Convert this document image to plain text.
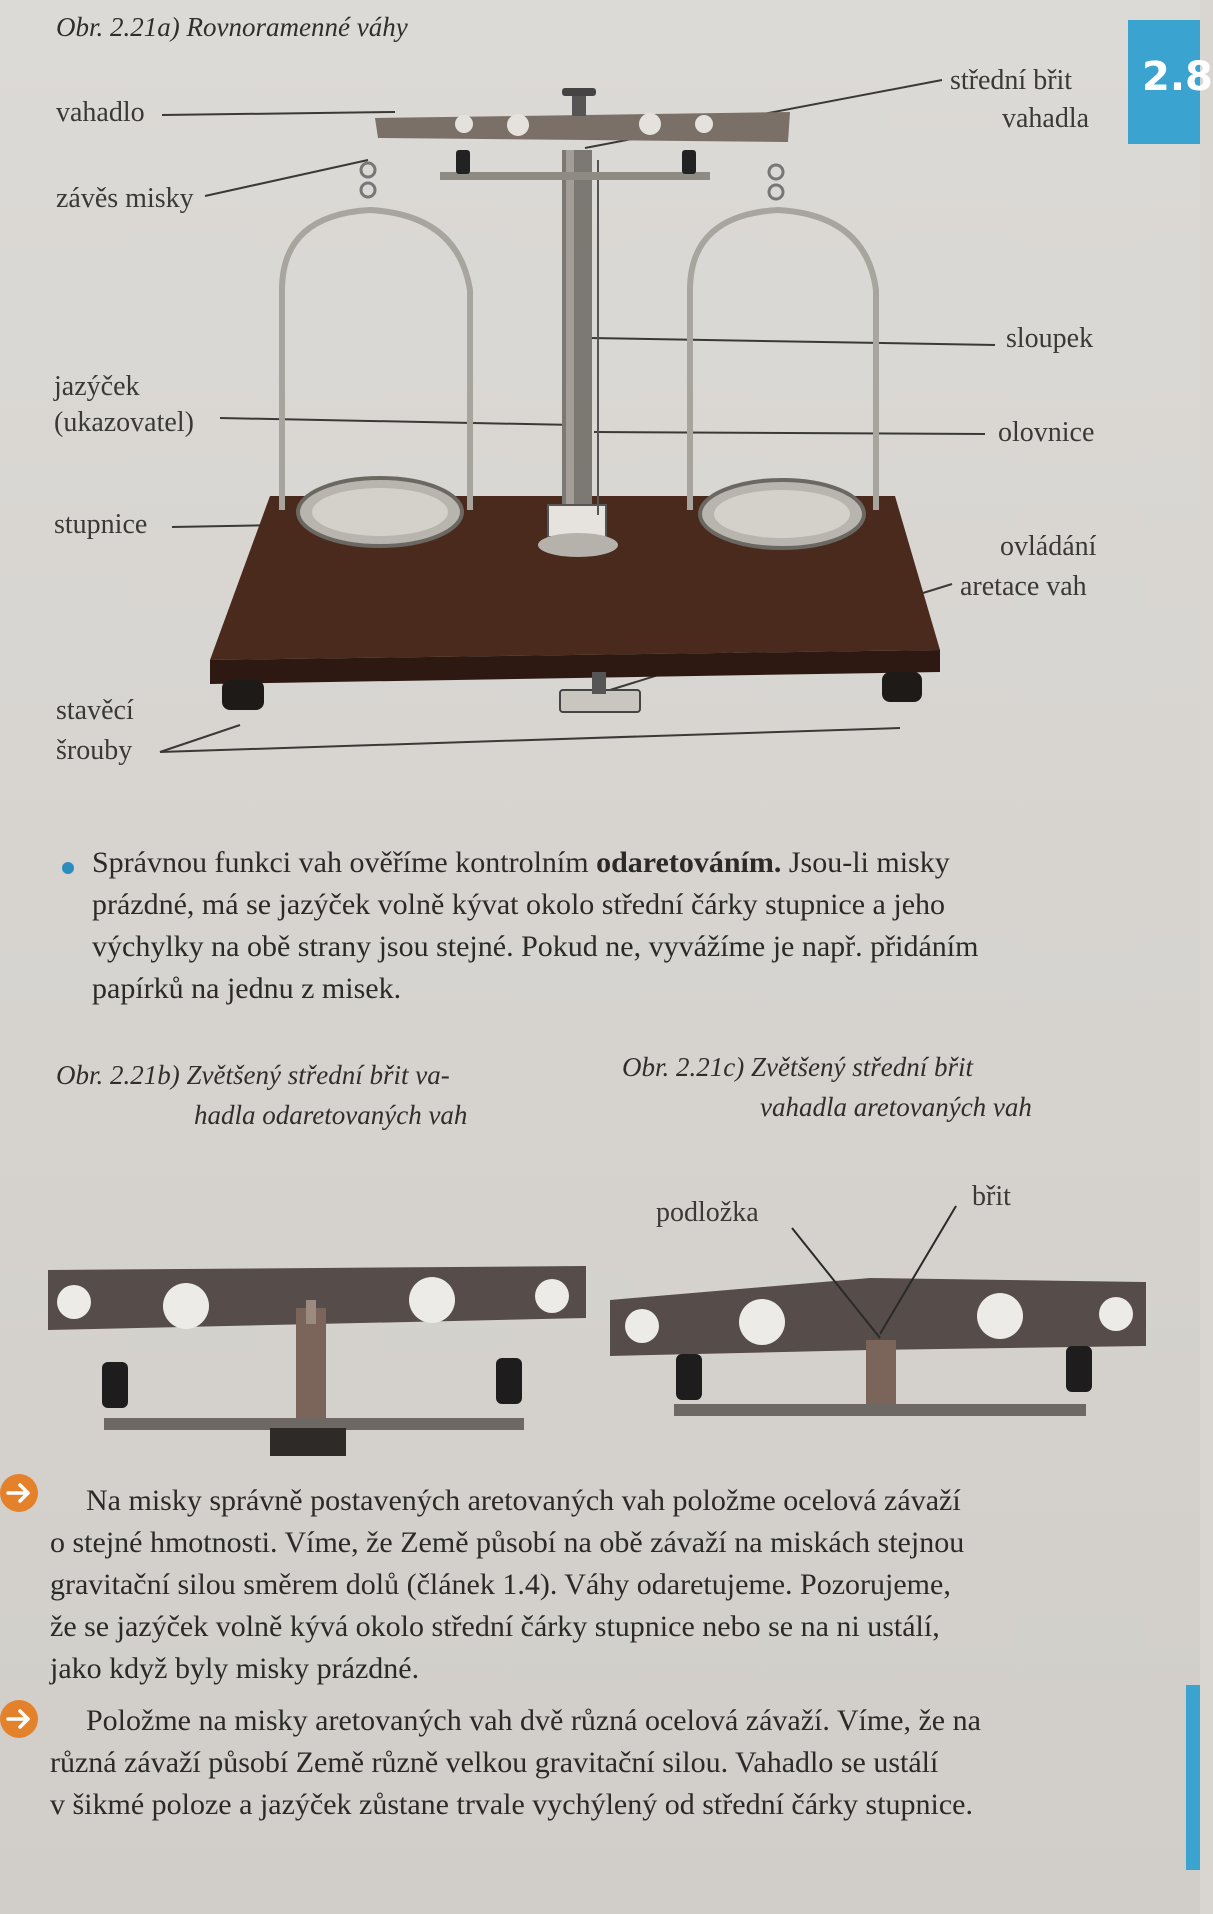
2.8

Obr. 2.21a) Rovnoramenné váhy

vahadlo
závěs misky
jazýček
(ukazovatel)
stupnice
stavěcí
šrouby
střední břit
vahadla
sloupek
olovnice
ovládání
aretace vah

Správnou funkci vah ověříme kontrolním odaretováním. Jsou-li misky

prázdné, má se jazýček volně kývat okolo střední čárky stupnice a jeho

výchylky na obě strany jsou stejné. Pokud ne, vyvážíme je např. přidáním

papírků na jednu z misek.

Obr. 2.21b) Zvětšený střední břit va-

hadla odaretovaných vah

Obr. 2.21c) Zvětšený střední břit

vahadla aretovaných vah

podložka
břit

Na misky správně postavených aretovaných vah položme ocelová závaží

o stejné hmotnosti. Víme, že Země působí na obě závaží na miskách stejnou

gravitační silou směrem dolů (článek 1.4). Váhy odaretujeme. Pozorujeme,

že se jazýček volně kývá okolo střední čárky stupnice nebo se na ni ustálí,

jako když byly misky prázdné.

Položme na misky aretovaných vah dvě různá ocelová závaží. Víme, že na

různá závaží působí Země různě velkou gravitační silou. Vahadlo se ustálí

v šikmé poloze a jazýček zůstane trvale vychýlený od střední čárky stupnice.
